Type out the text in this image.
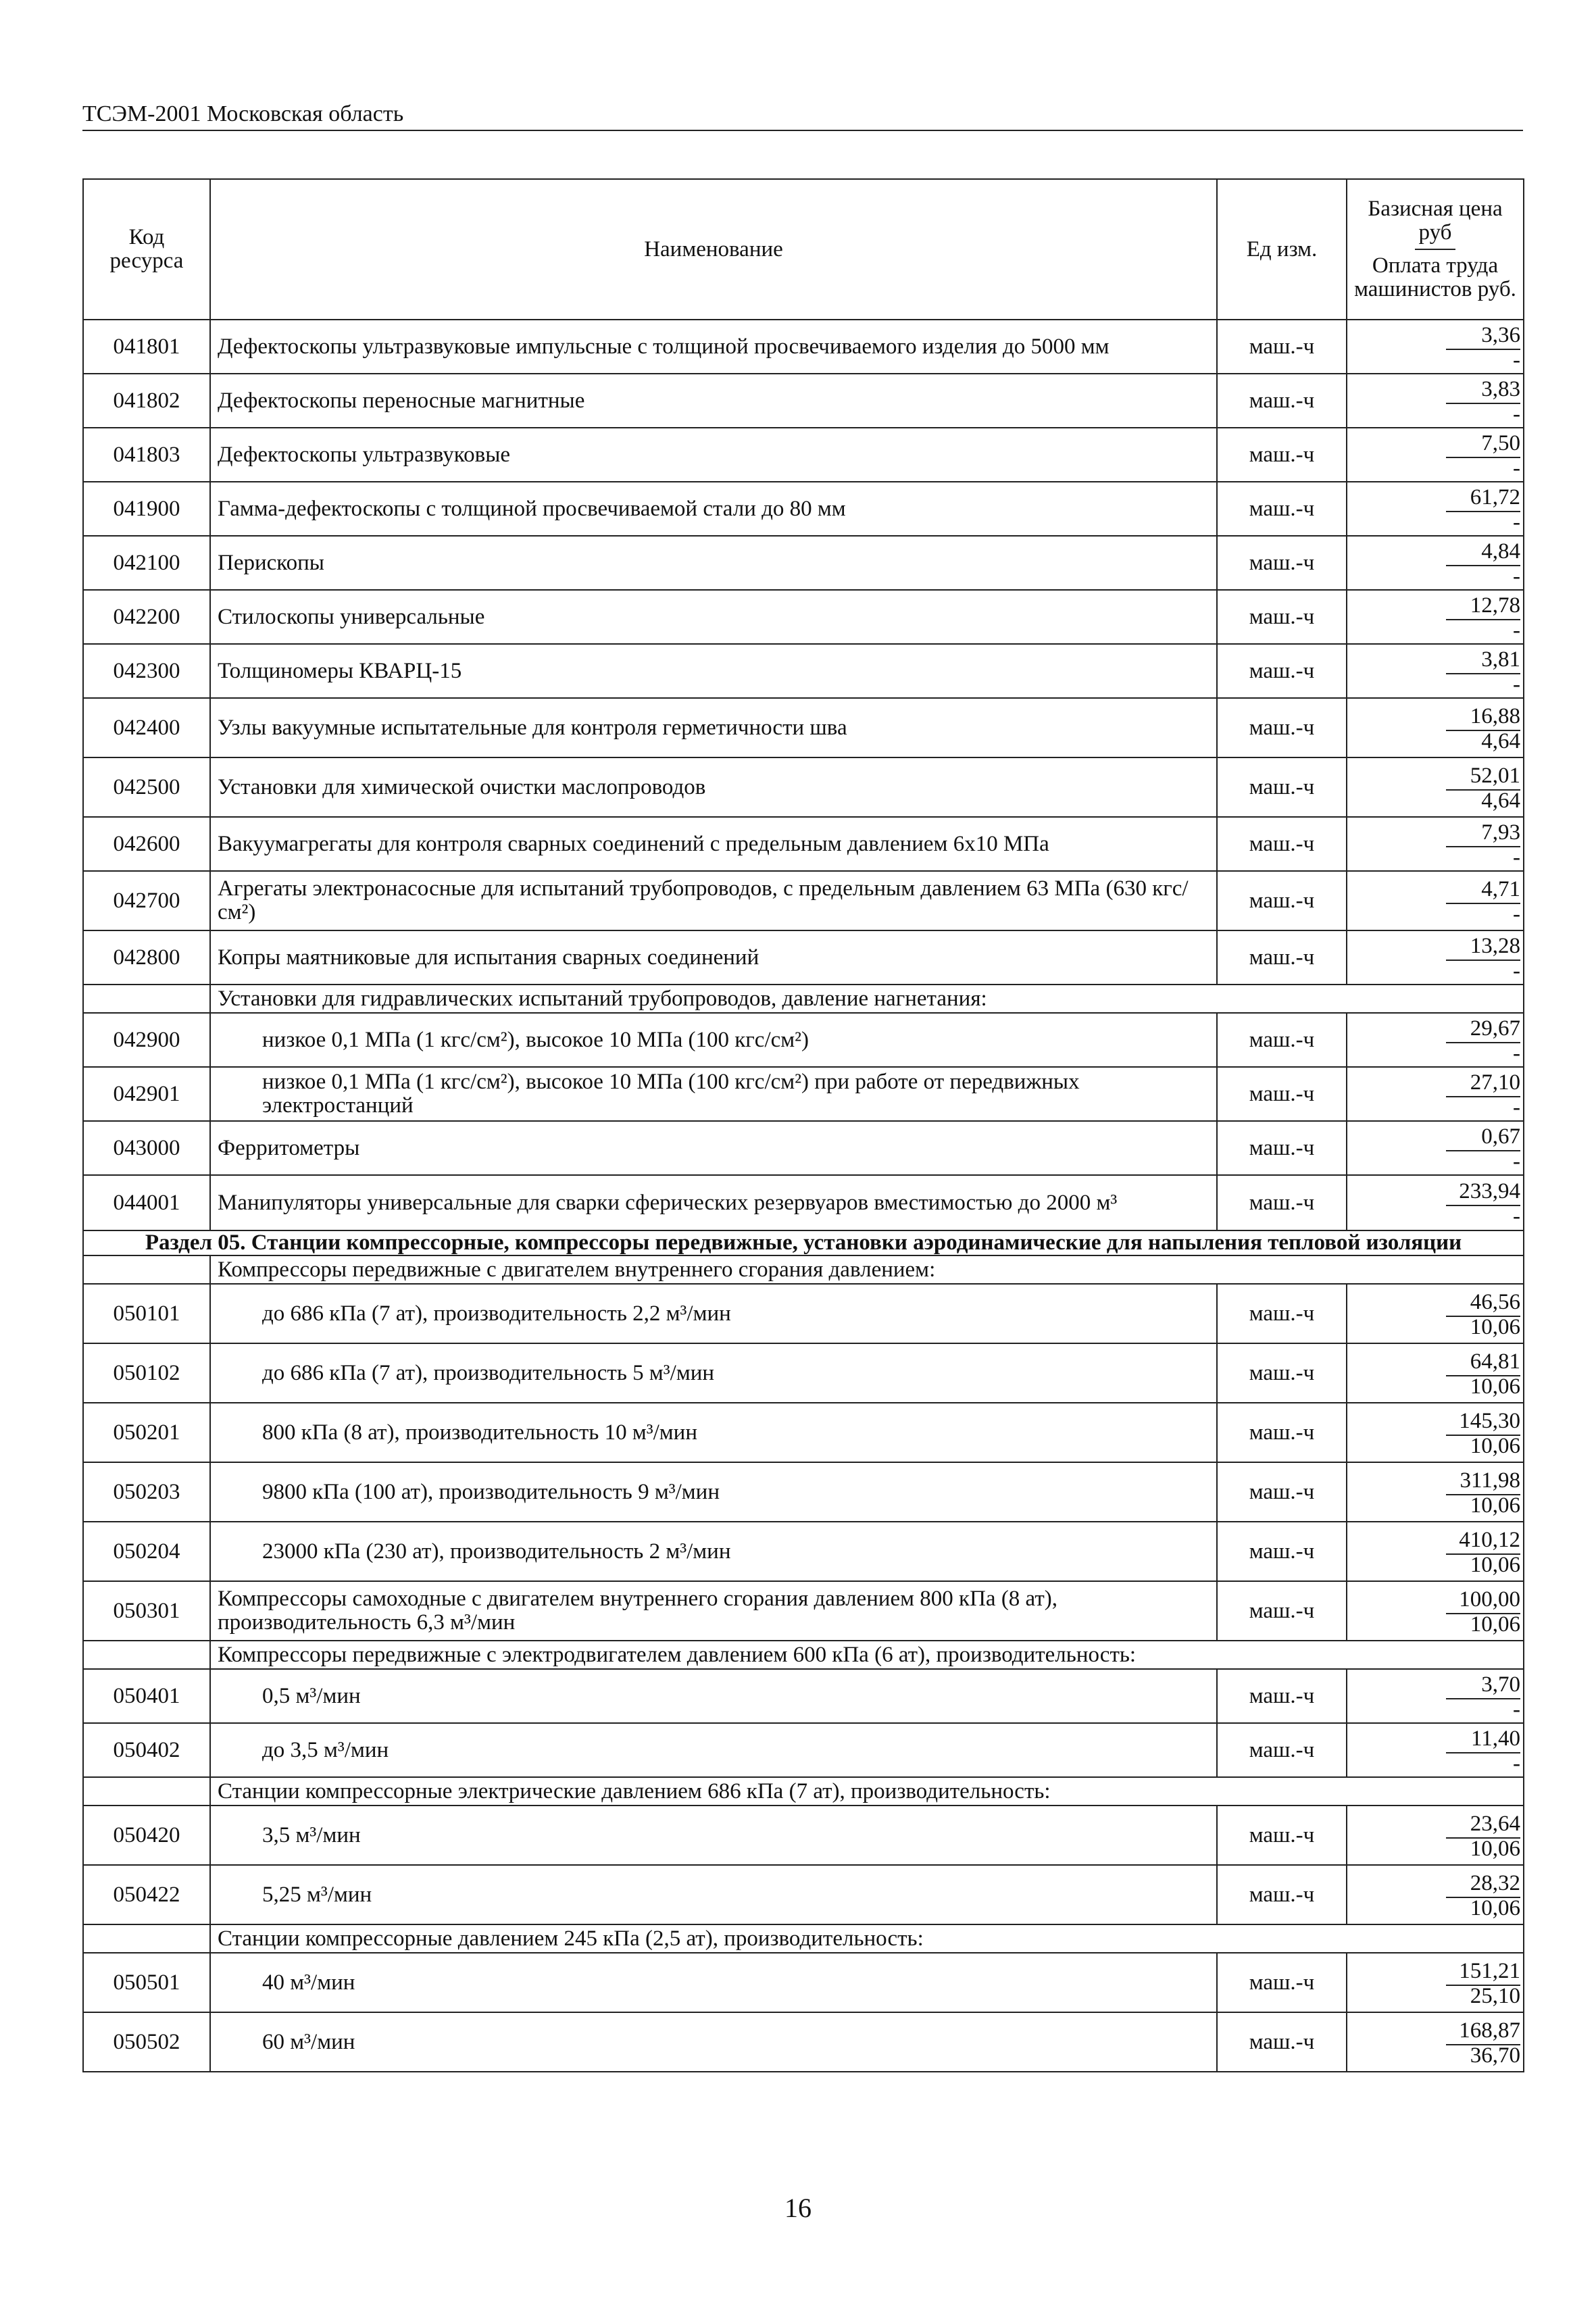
ТСЭМ-2001 Московская область
Код ресурса	Наименование	Ед изм.	Базисная цена руб
Оплата труда машинистов руб.

041801	Дефектоскопы ультразвуковые импульсные с толщиной просвечиваемого изделия до 5000 мм	маш.-ч	3,36
-

041802	Дефектоскопы переносные магнитные	маш.-ч	3,83
-

041803	Дефектоскопы ультразвуковые	маш.-ч	7,50
-

041900	Гамма-дефектоскопы с толщиной просвечиваемой стали до 80 мм	маш.-ч	61,72
-

042100	Перископы	маш.-ч	4,84
-

042200	Стилоскопы универсальные	маш.-ч	12,78
-

042300	Толщиномеры КВАРЦ-15	маш.-ч	3,81
-

042400	Узлы вакуумные испытательные для контроля герметичности шва	маш.-ч	16,88
4,64

042500	Установки для химической очистки маслопроводов	маш.-ч	52,01
4,64

042600	Вакуумагрегаты для контроля сварных соединений с предельным давлением 6х10 МПа	маш.-ч	7,93
-

042700	Агрегаты электронасосные для испытаний трубопроводов, с предельным давлением 63 МПа (630 кгс/см²)	маш.-ч	4,71
-

042800	Копры маятниковые для испытания сварных соединений	маш.-ч	13,28
-

	Установки для гидравлических испытаний трубопроводов, давление нагнетания:		
042900	низкое 0,1 МПа (1 кгс/см²), высокое 10 МПа (100 кгс/см²)	маш.-ч	29,67
-

042901	низкое 0,1 МПа (1 кгс/см²), высокое 10 МПа (100 кгс/см²) при работе от передвижных электростанций	маш.-ч	27,10
-

043000	Ферритометры	маш.-ч	0,67
-

044001	Манипуляторы универсальные для сварки сферических резервуаров вместимостью до 2000 м³	маш.-ч	233,94
-

Раздел 05. Станции компрессорные, компрессоры передвижные, установки аэродинамические для напыления тепловой изоляции			
	Компрессоры передвижные с двигателем внутреннего сгорания давлением:		
050101	до 686 кПа (7 ат), производительность 2,2 м³/мин	маш.-ч	46,56
10,06

050102	до 686 кПа (7 ат), производительность 5 м³/мин	маш.-ч	64,81
10,06

050201	800 кПа (8 ат), производительность 10 м³/мин	маш.-ч	145,30
10,06

050203	9800 кПа (100 ат), производительность 9 м³/мин	маш.-ч	311,98
10,06

050204	23000 кПа (230 ат), производительность 2 м³/мин	маш.-ч	410,12
10,06

050301	Компрессоры самоходные с двигателем внутреннего сгорания давлением 800 кПа (8 ат), производительность 6,3 м³/мин	маш.-ч	100,00
10,06

	Компрессоры передвижные с электродвигателем давлением 600 кПа (6 ат), производительность:		
050401	0,5 м³/мин	маш.-ч	3,70
-

050402	до 3,5 м³/мин	маш.-ч	11,40
-

	Станции компрессорные электрические давлением 686 кПа (7 ат), производительность:		
050420	3,5 м³/мин	маш.-ч	23,64
10,06

050422	5,25 м³/мин	маш.-ч	28,32
10,06

	Станции компрессорные давлением 245 кПа (2,5 ат), производительность:		
050501	40 м³/мин	маш.-ч	151,21
25,10

050502	60 м³/мин	маш.-ч	168,87
36,70
16
